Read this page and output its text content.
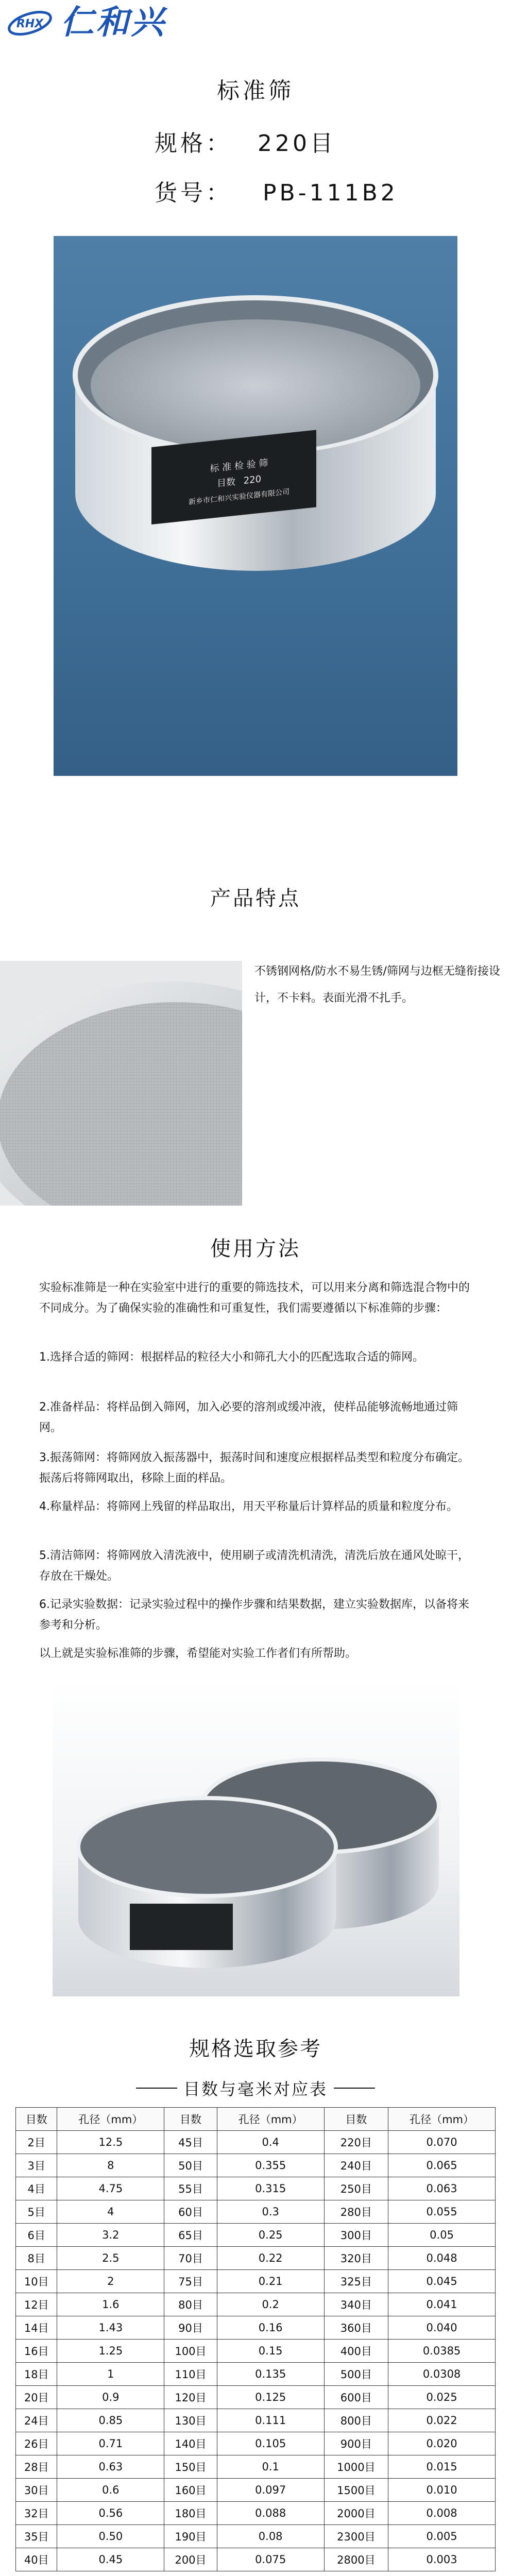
RHX 仁和兴
标准筛
规格： 220目
货号： PB-111B2
标 准 检 验 筛
目数 220
新乡市仁和兴实验仪器有限公司
产品特点
不锈钢网格/防水不易生锈/筛网与边框无缝衔接设计，不卡料。表面光滑不扎手。
使用方法

实验标准筛是一种在实验室中进行的重要的筛选技术，可以用来分离和筛选混合物中的不同成分。为了确保实验的准确性和可重复性，我们需要遵循以下标准筛的步骤：

1.选择合适的筛网：根据样品的粒径大小和筛孔大小的匹配选取合适的筛网。

2.准备样品：将样品倒入筛网，加入必要的溶剂或缓冲液，使样品能够流畅地通过筛网。

3.振荡筛网：将筛网放入振荡器中，振荡时间和速度应根据样品类型和粒度分布确定。振荡后将筛网取出，移除上面的样品。

4.称量样品：将筛网上残留的样品取出，用天平称量后计算样品的质量和粒度分布。

5.清洁筛网：将筛网放入清洗液中，使用刷子或清洗机清洗，清洗后放在通风处晾干，存放在干燥处。

6.记录实验数据：记录实验过程中的操作步骤和结果数据，建立实验数据库，以备将来参考和分析。

以上就是实验标准筛的步骤，希望能对实验工作者们有所帮助。

规格选取参考
目数与毫米对应表
目数	孔径（mm）	目数	孔径（mm）	目数	孔径（mm）
2目	12.5	45目	0.4	220目	0.070
3目	8	50目	0.355	240目	0.065
4目	4.75	55目	0.315	250目	0.063
5目	4	60目	0.3	280目	0.055
6目	3.2	65目	0.25	300目	0.05
8目	2.5	70目	0.22	320目	0.048
10目	2	75目	0.21	325目	0.045
12目	1.6	80目	0.2	340目	0.041
14目	1.43	90目	0.16	360目	0.040
16目	1.25	100目	0.15	400目	0.0385
18目	1	110目	0.135	500目	0.0308
20目	0.9	120目	0.125	600目	0.025
24目	0.85	130目	0.111	800目	0.022
26目	0.71	140目	0.105	900目	0.020
28目	0.63	150目	0.1	1000目	0.015
30目	0.6	160目	0.097	1500目	0.010
32目	0.56	180目	0.088	2000目	0.008
35目	0.50	190目	0.08	2300目	0.005
40目	0.45	200目	0.075	2800目	0.003
